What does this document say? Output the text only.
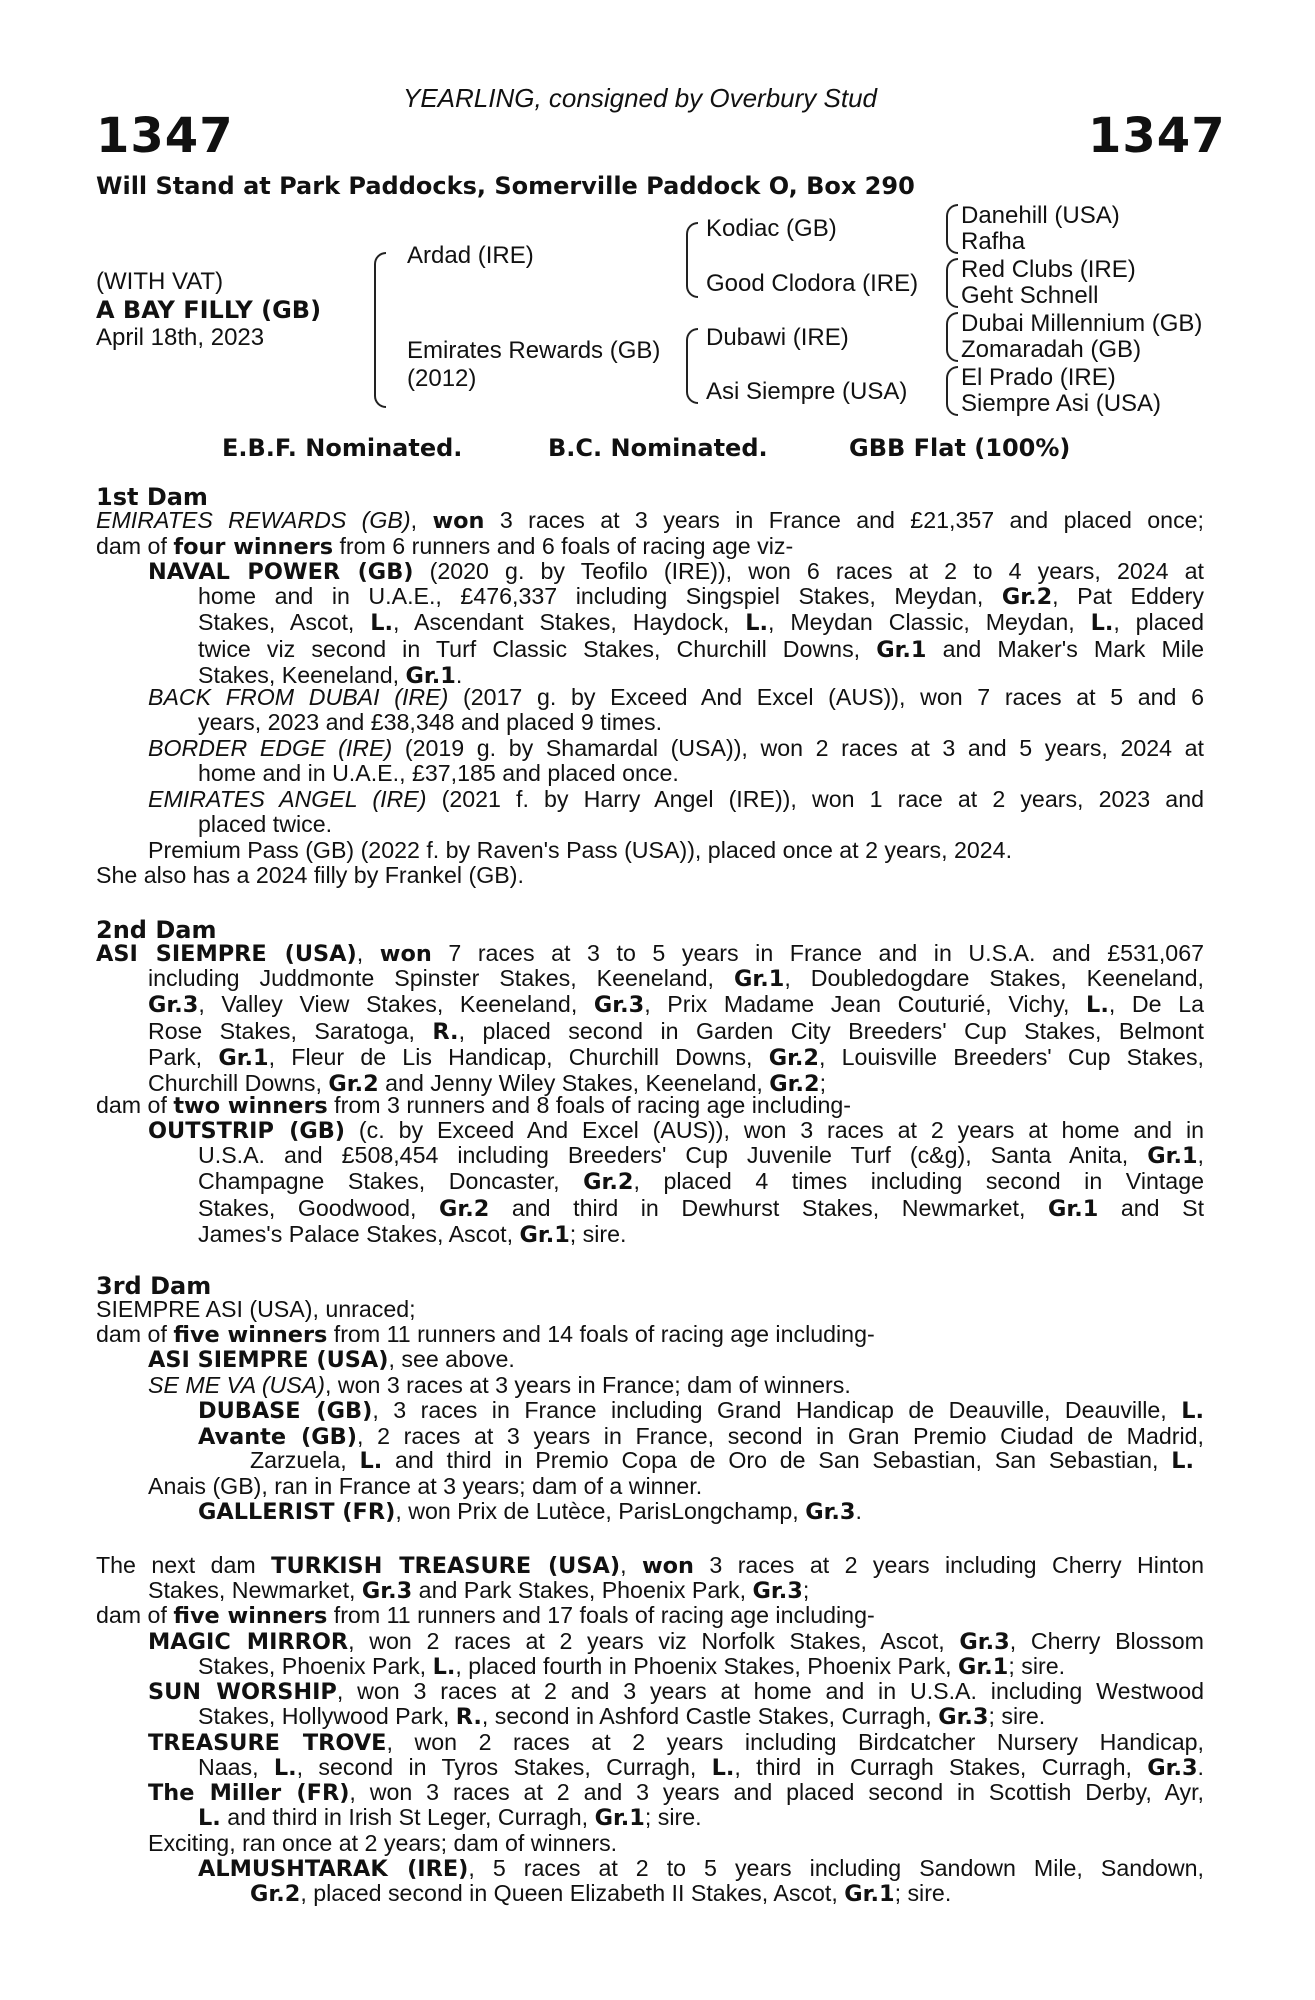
YEARLING, consigned by Overbury Stud
1347	1347
Will Stand at Park Paddocks, Somerville Paddock O, Box 290
(WITH VAT)
A BAY FILLY (GB)
April 18th, 2023
Ardad (IRE)
Emirates Rewards (GB)
(2012)
Kodiac (GB)
Good Clodora (IRE)
Dubawi (IRE)
Asi Siempre (USA)
Danehill (USA)
Rafha
Red Clubs (IRE)
Geht Schnell
Dubai Millennium (GB)
Zomaradah (GB)
El Prado (IRE)
Siempre Asi (USA)
E.B.F. Nominated.	B.C. Nominated.	GBB Flat (100%)
1st Dam
EMIRATES REWARDS (GB), won 3 races at 3 years in France and £21,357 and placed once;
dam of four winners from 6 runners and 6 foals of racing age viz-
NAVAL POWER (GB) (2020 g. by Teofilo (IRE)), won 6 races at 2 to 4 years, 2024 at
home and in U.A.E., £476,337 including Singspiel Stakes, Meydan, Gr.2, Pat Eddery
Stakes, Ascot, L., Ascendant Stakes, Haydock, L., Meydan Classic, Meydan, L., placed
twice viz second in Turf Classic Stakes, Churchill Downs, Gr.1 and Maker's Mark Mile
Stakes, Keeneland, Gr.1.
BACK FROM DUBAI (IRE) (2017 g. by Exceed And Excel (AUS)), won 7 races at 5 and 6
years, 2023 and £38,348 and placed 9 times.
BORDER EDGE (IRE) (2019 g. by Shamardal (USA)), won 2 races at 3 and 5 years, 2024 at
home and in U.A.E., £37,185 and placed once.
EMIRATES ANGEL (IRE) (2021 f. by Harry Angel (IRE)), won 1 race at 2 years, 2023 and
placed twice.
Premium Pass (GB) (2022 f. by Raven's Pass (USA)), placed once at 2 years, 2024.
She also has a 2024 filly by Frankel (GB).
2nd Dam
ASI SIEMPRE (USA), won 7 races at 3 to 5 years in France and in U.S.A. and £531,067
including Juddmonte Spinster Stakes, Keeneland, Gr.1, Doubledogdare Stakes, Keeneland,
Gr.3, Valley View Stakes, Keeneland, Gr.3, Prix Madame Jean Couturié, Vichy, L., De La
Rose Stakes, Saratoga, R., placed second in Garden City Breeders' Cup Stakes, Belmont
Park, Gr.1, Fleur de Lis Handicap, Churchill Downs, Gr.2, Louisville Breeders' Cup Stakes,
Churchill Downs, Gr.2 and Jenny Wiley Stakes, Keeneland, Gr.2;
dam of two winners from 3 runners and 8 foals of racing age including-
OUTSTRIP (GB) (c. by Exceed And Excel (AUS)), won 3 races at 2 years at home and in
U.S.A. and £508,454 including Breeders' Cup Juvenile Turf (c&g), Santa Anita, Gr.1,
Champagne Stakes, Doncaster, Gr.2, placed 4 times including second in Vintage
Stakes, Goodwood, Gr.2 and third in Dewhurst Stakes, Newmarket, Gr.1 and St
James's Palace Stakes, Ascot, Gr.1; sire.
3rd Dam
SIEMPRE ASI (USA), unraced;
dam of five winners from 11 runners and 14 foals of racing age including-
ASI SIEMPRE (USA), see above.
SE ME VA (USA), won 3 races at 3 years in France; dam of winners.
DUBASE (GB), 3 races in France including Grand Handicap de Deauville, Deauville, L.
Avante (GB), 2 races at 3 years in France, second in Gran Premio Ciudad de Madrid,
Zarzuela, L. and third in Premio Copa de Oro de San Sebastian, San Sebastian, L.
Anais (GB), ran in France at 3 years; dam of a winner.
GALLERIST (FR), won Prix de Lutèce, ParisLongchamp, Gr.3.
The next dam TURKISH TREASURE (USA), won 3 races at 2 years including Cherry Hinton
Stakes, Newmarket, Gr.3 and Park Stakes, Phoenix Park, Gr.3;
dam of five winners from 11 runners and 17 foals of racing age including-
MAGIC MIRROR, won 2 races at 2 years viz Norfolk Stakes, Ascot, Gr.3, Cherry Blossom
Stakes, Phoenix Park, L., placed fourth in Phoenix Stakes, Phoenix Park, Gr.1; sire.
SUN WORSHIP, won 3 races at 2 and 3 years at home and in U.S.A. including Westwood
Stakes, Hollywood Park, R., second in Ashford Castle Stakes, Curragh, Gr.3; sire.
TREASURE TROVE, won 2 races at 2 years including Birdcatcher Nursery Handicap,
Naas, L., second in Tyros Stakes, Curragh, L., third in Curragh Stakes, Curragh, Gr.3.
The Miller (FR), won 3 races at 2 and 3 years and placed second in Scottish Derby, Ayr,
L. and third in Irish St Leger, Curragh, Gr.1; sire.
Exciting, ran once at 2 years; dam of winners.
ALMUSHTARAK (IRE), 5 races at 2 to 5 years including Sandown Mile, Sandown,
Gr.2, placed second in Queen Elizabeth II Stakes, Ascot, Gr.1; sire.
